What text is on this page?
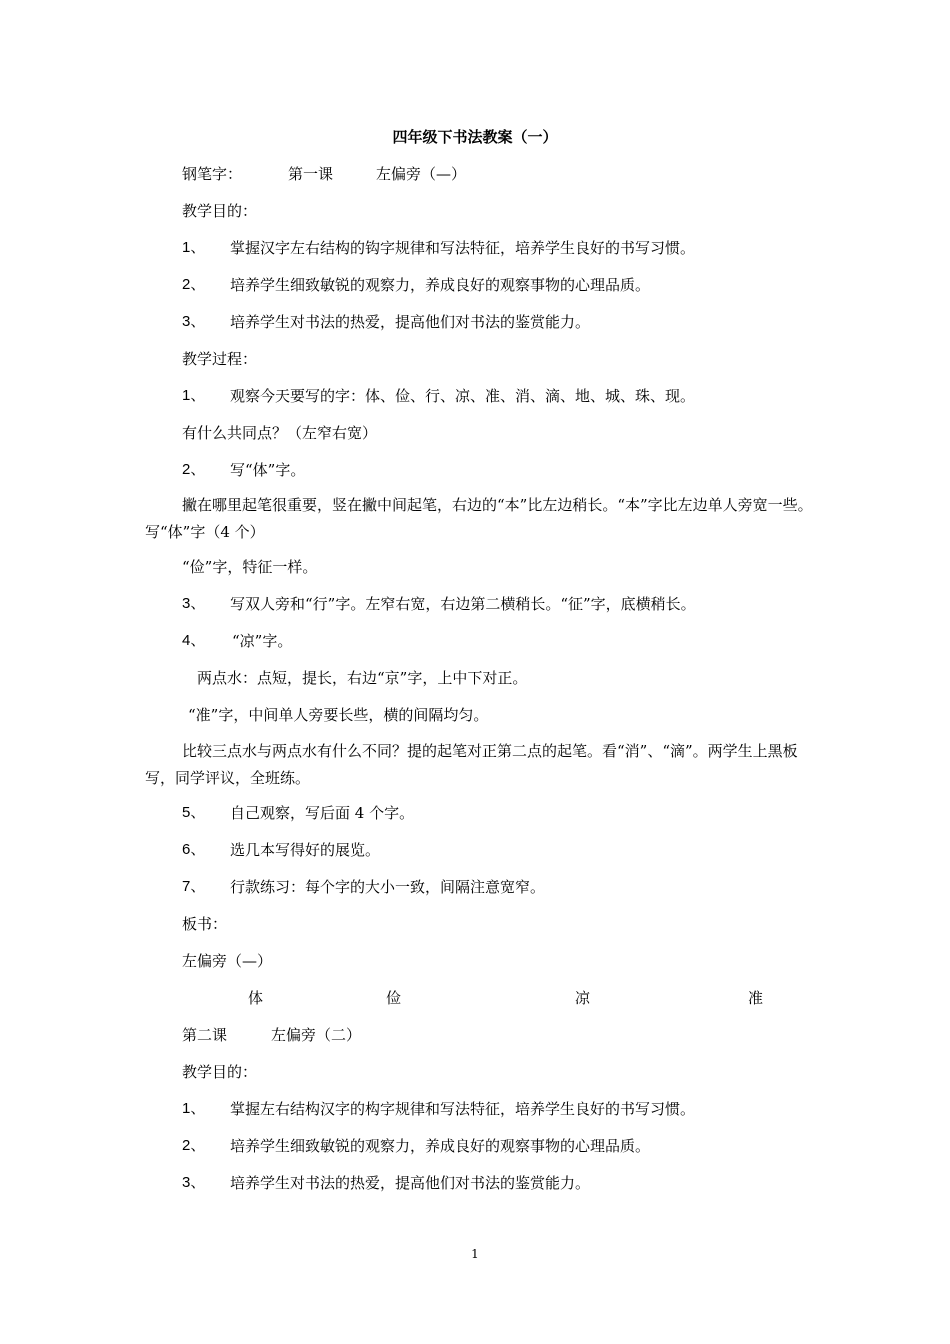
四年级下书法教案（一）
钢笔字：	第一课	左偏旁（—）
教学目的：
1、 掌握汉字左右结构的钩字规律和写法特征，培养学生良好的书写习惯。
2、 培养学生细致敏锐的观察力，养成良好的观察事物的心理品质。
3、 培养学生对书法的热爱，提高他们对书法的鉴赏能力。
教学过程：
1、 观察今天要写的字：体、俭、行、凉、准、消、滴、地、城、珠、现。
有什么共同点？（左窄右宽）
2、 写“体”字。
撇在哪里起笔很重要，竖在撇中间起笔，右边的“本”比左边稍长。“本”字比左边单人旁宽一些。写“体”字（4 个）
“俭”字，特征一样。
3、 写双人旁和“行”字。左窄右宽，右边第二横稍长。“征”字，底横稍长。
4、 “凉”字。
两点水：点短，提长，右边“京”字，上中下对正。
“准”字，中间单人旁要长些，横的间隔均匀。
比较三点水与两点水有什么不同？提的起笔对正第二点的起笔。看“消”、“滴”。两学生上黑板写，同学评议，全班练。
5、 自己观察，写后面 4 个字。
6、 选几本写得好的展览。
7、 行款练习：每个字的大小一致，间隔注意宽窄。
板书：
左偏旁（—）
体	俭	凉	准
第二课	左偏旁（二）
教学目的：
1、 掌握左右结构汉字的构字规律和写法特征，培养学生良好的书写习惯。
2、 培养学生细致敏锐的观察力，养成良好的观察事物的心理品质。
3、 培养学生对书法的热爱，提高他们对书法的鉴赏能力。
1
